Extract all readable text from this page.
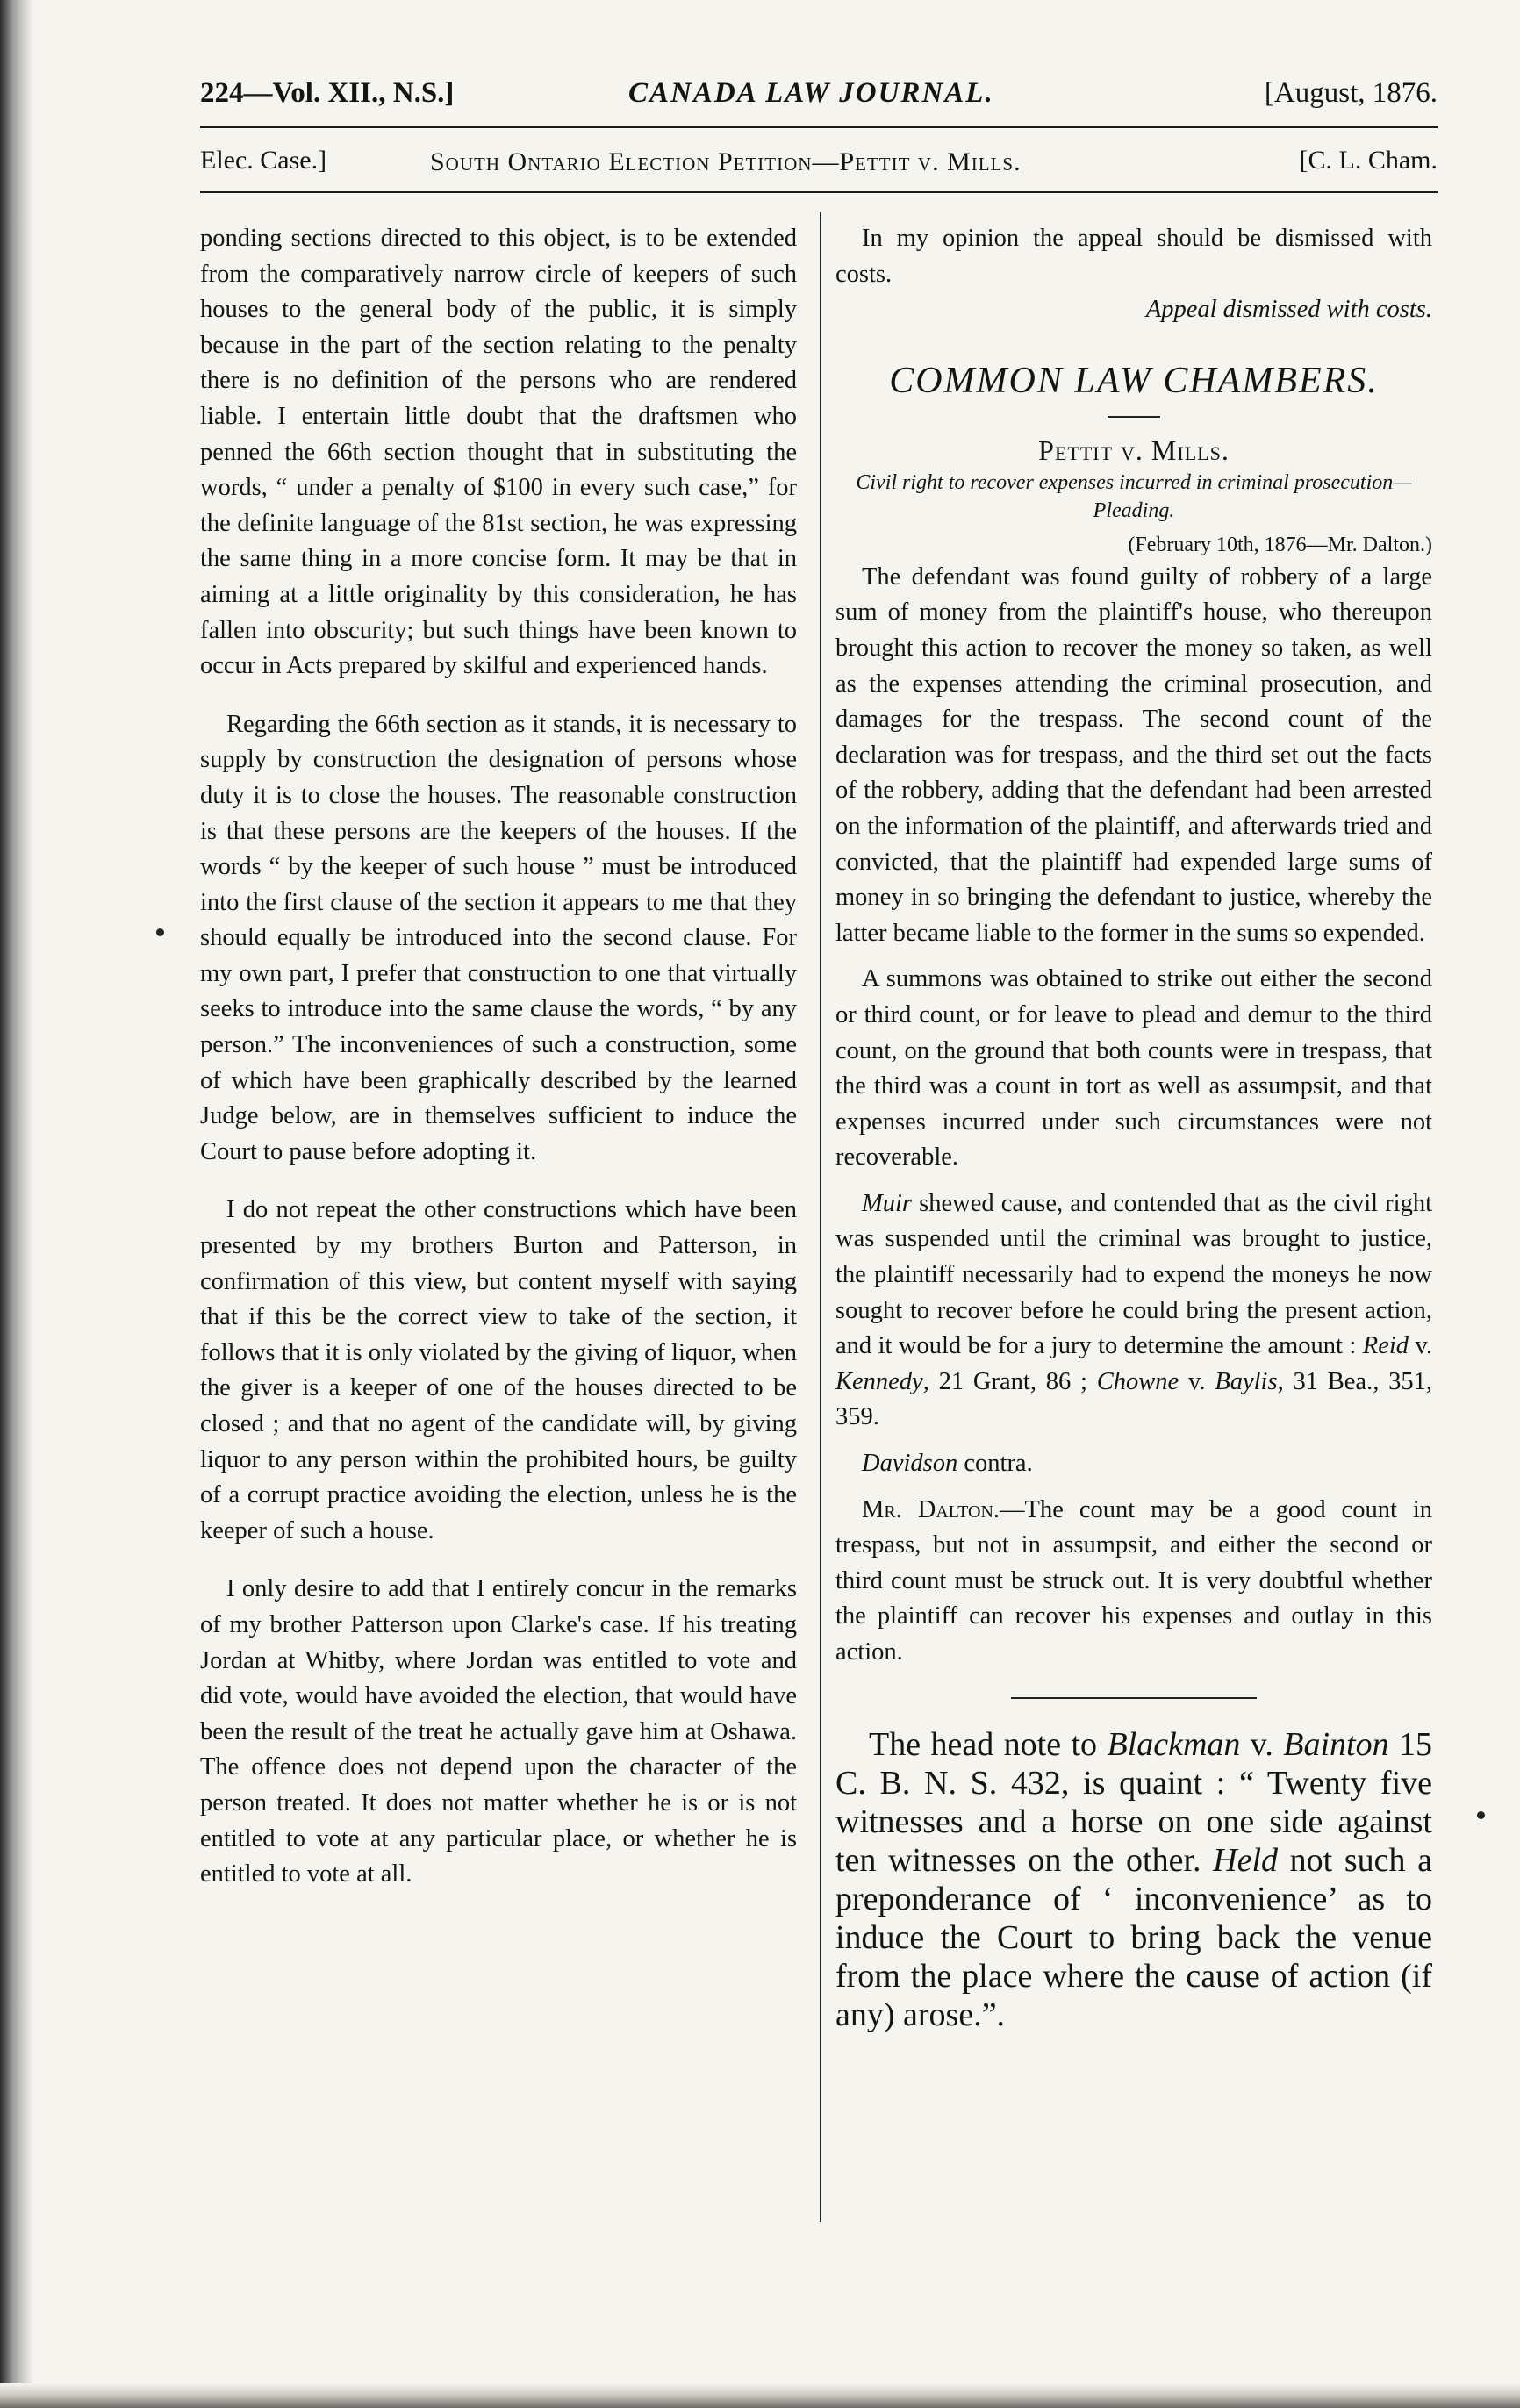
224—Vol. XII., N.S.]	CANADA LAW JOURNAL.	[August, 1876.
Elec. Case.]	South Ontario Election Petition—Pettit v. Mills.	[C. L. Cham.

ponding sections directed to this object, is to be extended from the comparatively narrow circle of keepers of such houses to the general body of the public, it is simply because in the part of the section relating to the penalty there is no definition of the persons who are rendered liable. I entertain little doubt that the draftsmen who penned the 66th section thought that in substituting the words, “ under a penalty of $100 in every such case,” for the definite language of the 81st section, he was expressing the same thing in a more concise form. It may be that in aiming at a little originality by this consideration, he has fallen into obscurity; but such things have been known to occur in Acts prepared by skilful and experienced hands.

Regarding the 66th section as it stands, it is necessary to supply by construction the designation of persons whose duty it is to close the houses. The reasonable construction is that these persons are the keepers of the houses. If the words “ by the keeper of such house ” must be introduced into the first clause of the section it appears to me that they should equally be introduced into the second clause. For my own part, I prefer that construction to one that virtually seeks to introduce into the same clause the words, “ by any person.” The inconveniences of such a construction, some of which have been graphically described by the learned Judge below, are in themselves sufficient to induce the Court to pause before adopting it.

I do not repeat the other constructions which have been presented by my brothers Burton and Patterson, in confirmation of this view, but content myself with saying that if this be the correct view to take of the section, it follows that it is only violated by the giving of liquor, when the giver is a keeper of one of the houses directed to be closed ; and that no agent of the candidate will, by giving liquor to any person within the prohibited hours, be guilty of a corrupt practice avoiding the election, unless he is the keeper of such a house.

I only desire to add that I entirely concur in the remarks of my brother Patterson upon Clarke's case. If his treating Jordan at Whitby, where Jordan was entitled to vote and did vote, would have avoided the election, that would have been the result of the treat he actually gave him at Oshawa. The offence does not depend upon the character of the person treated. It does not matter whether he is or is not entitled to vote at any particular place, or whether he is entitled to vote at all.

In my opinion the appeal should be dismissed with costs.

Appeal dismissed with costs.

COMMON LAW CHAMBERS.
Pettit v. Mills.
Civil right to recover expenses incurred in criminal prosecution—Pleading.
(February 10th, 1876—Mr. Dalton.)

The defendant was found guilty of robbery of a large sum of money from the plaintiff's house, who thereupon brought this action to recover the money so taken, as well as the expenses attending the criminal prosecution, and damages for the trespass. The second count of the declaration was for trespass, and the third set out the facts of the robbery, adding that the defendant had been arrested on the information of the plaintiff, and afterwards tried and convicted, that the plaintiff had expended large sums of money in so bringing the defendant to justice, whereby the latter became liable to the former in the sums so expended.

A summons was obtained to strike out either the second or third count, or for leave to plead and demur to the third count, on the ground that both counts were in trespass, that the third was a count in tort as well as assumpsit, and that expenses incurred under such circumstances were not recoverable.

Muir shewed cause, and contended that as the civil right was suspended until the criminal was brought to justice, the plaintiff necessarily had to expend the moneys he now sought to recover before he could bring the present action, and it would be for a jury to determine the amount : Reid v. Kennedy, 21 Grant, 86 ; Chowne v. Baylis, 31 Bea., 351, 359.

Davidson contra.

Mr. Dalton.—The count may be a good count in trespass, but not in assumpsit, and either the second or third count must be struck out. It is very doubtful whether the plaintiff can recover his expenses and outlay in this action.

The head note to Blackman v. Bainton 15 C. B. N. S. 432, is quaint : “ Twenty five witnesses and a horse on one side against ten witnesses on the other. Held not such a preponderance of ‘ inconvenience’ as to induce the Court to bring back the venue from the place where the cause of action (if any) arose.”.
